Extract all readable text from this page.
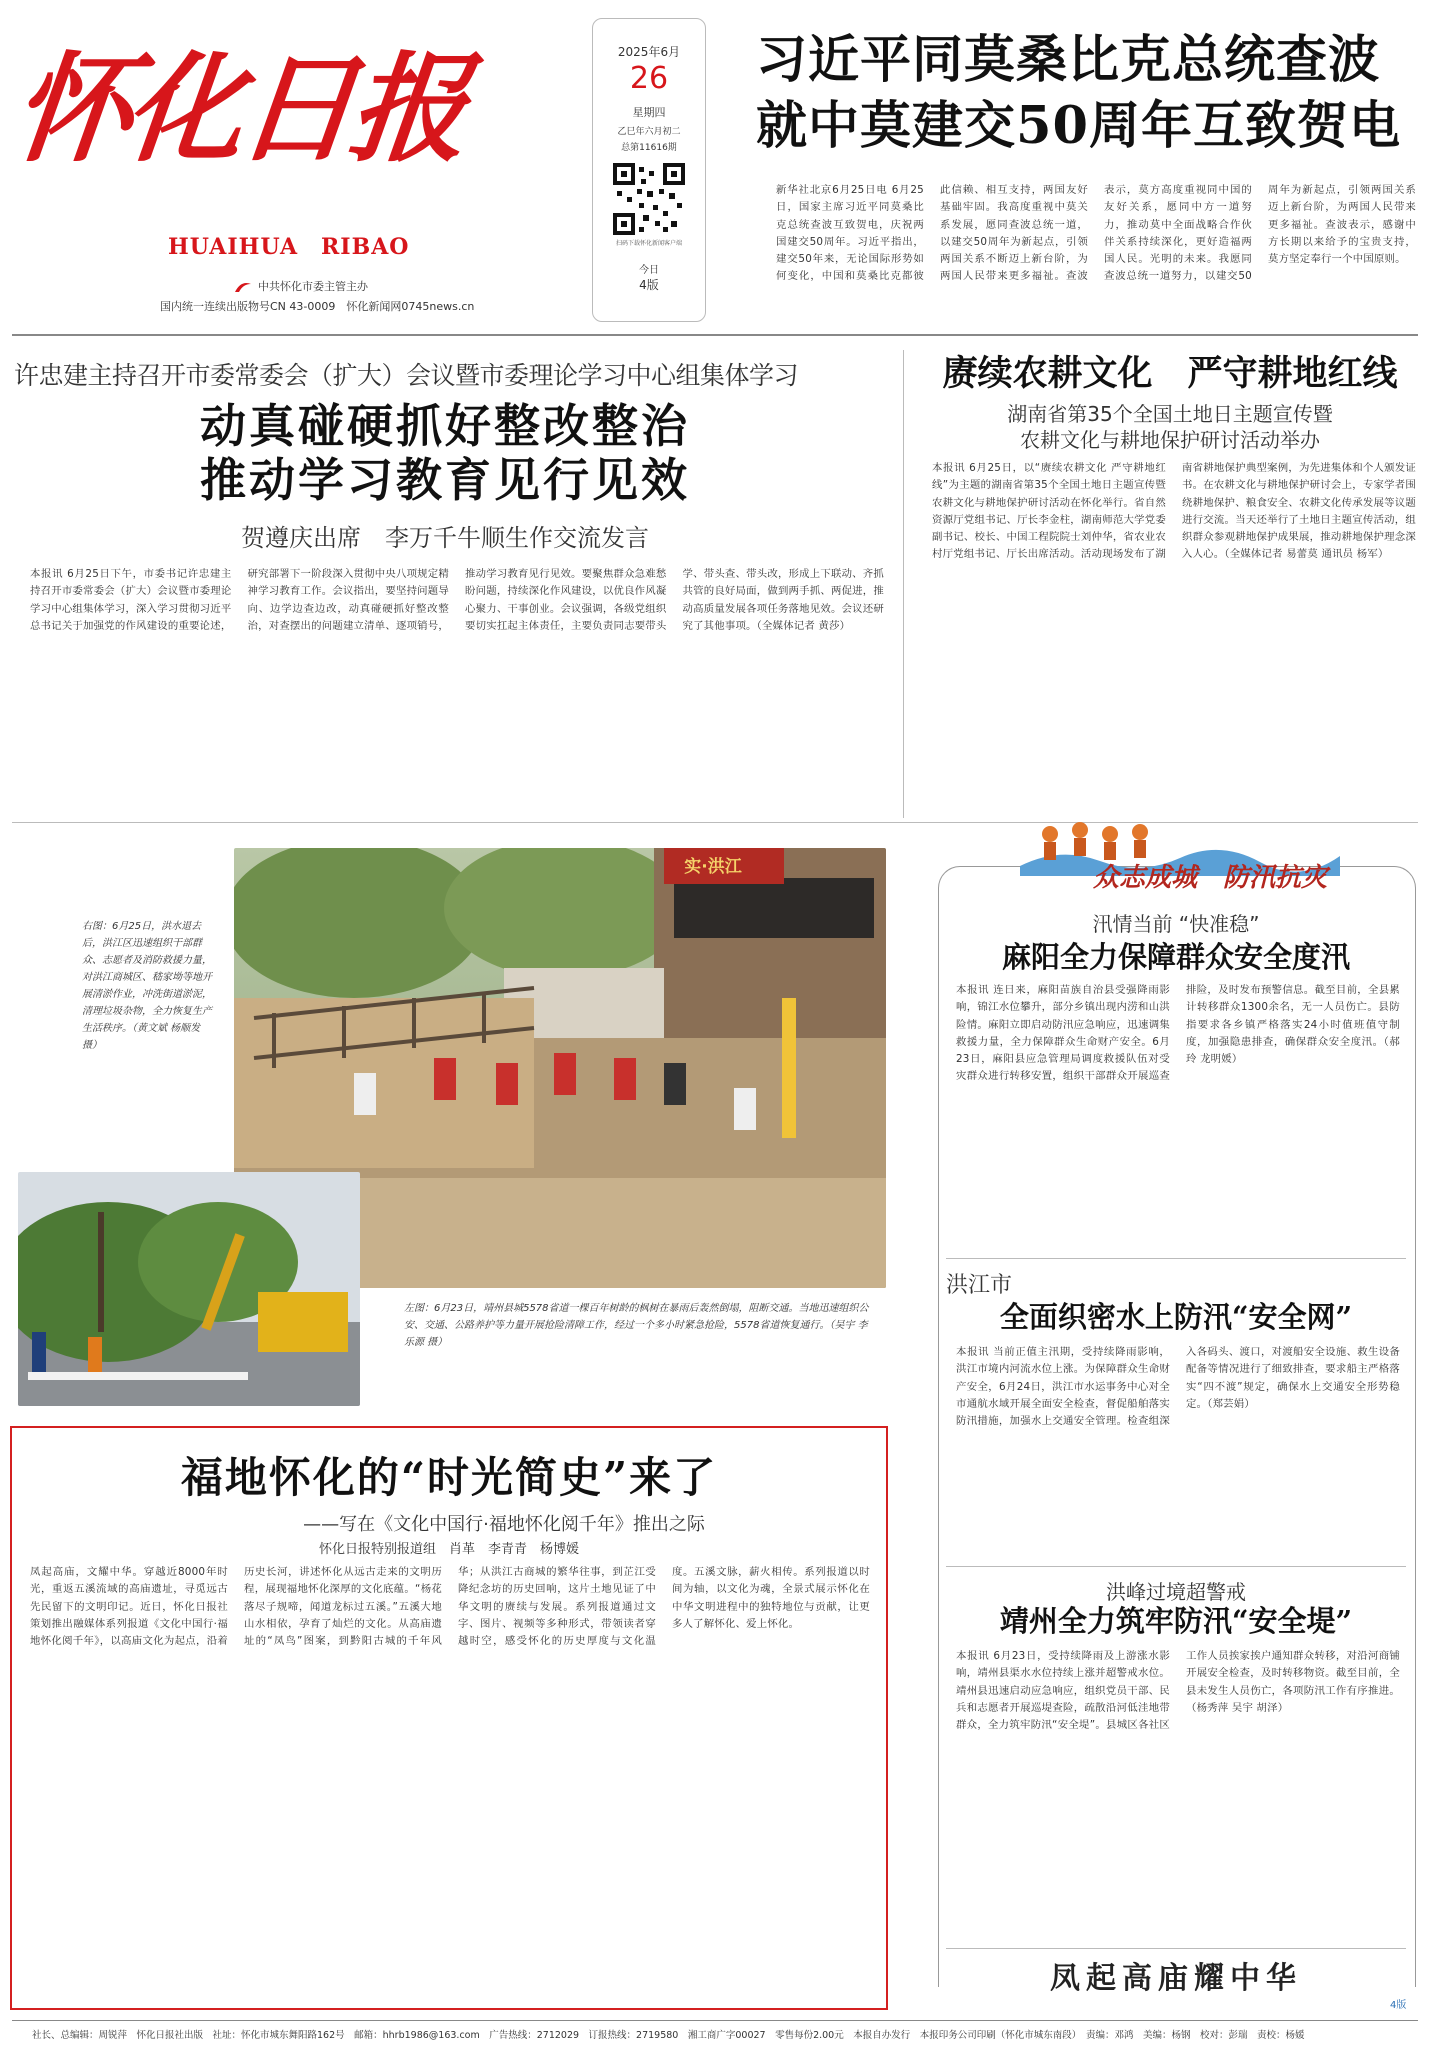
怀化日报
HUAIHUA　RIBAO
中共怀化市委主管主办
国内统一连续出版物号CN 43-0009　怀化新闻网0745news.cn
2025年6月
26
星期四
乙巳年六月初二
总第11616期
扫码下载怀化新闻客户端
今日
4版
习近平同莫桑比克总统查波
就中莫建交50周年互致贺电
新华社北京6月25日电 6月25日，国家主席习近平同莫桑比克总统查波互致贺电，庆祝两国建交50周年。习近平指出，建交50年来，无论国际形势如何变化，中国和莫桑比克都彼此信赖、相互支持，两国友好基础牢固。我高度重视中莫关系发展，愿同查波总统一道，以建交50周年为新起点，引领两国关系不断迈上新台阶，为两国人民带来更多福祉。查波表示，莫方高度重视同中国的友好关系，愿同中方一道努力，推动莫中全面战略合作伙伴关系持续深化，更好造福两国人民。光明的未来。我愿同查波总统一道努力，以建交50周年为新起点，引领两国关系迈上新台阶，为两国人民带来更多福祉。查波表示，感谢中方长期以来给予的宝贵支持，莫方坚定奉行一个中国原则。
许忠建主持召开市委常委会（扩大）会议暨市委理论学习中心组集体学习
动真碰硬抓好整改整治
推动学习教育见行见效
贺遵庆出席　李万千牛顺生作交流发言
本报讯 6月25日下午，市委书记许忠建主持召开市委常委会（扩大）会议暨市委理论学习中心组集体学习，深入学习贯彻习近平总书记关于加强党的作风建设的重要论述，研究部署下一阶段深入贯彻中央八项规定精神学习教育工作。会议指出，要坚持问题导向、边学边查边改，动真碰硬抓好整改整治，对查摆出的问题建立清单、逐项销号，推动学习教育见行见效。要聚焦群众急难愁盼问题，持续深化作风建设，以优良作风凝心聚力、干事创业。会议强调，各级党组织要切实扛起主体责任，主要负责同志要带头学、带头查、带头改，形成上下联动、齐抓共管的良好局面，做到两手抓、两促进，推动高质量发展各项任务落地见效。会议还研究了其他事项。（全媒体记者 黄莎）
赓续农耕文化　严守耕地红线
湖南省第35个全国土地日主题宣传暨
农耕文化与耕地保护研讨活动举办
本报讯 6月25日，以“赓续农耕文化 严守耕地红线”为主题的湖南省第35个全国土地日主题宣传暨农耕文化与耕地保护研讨活动在怀化举行。省自然资源厅党组书记、厅长李金柱，湖南师范大学党委副书记、校长、中国工程院院士刘仲华，省农业农村厅党组书记、厅长出席活动。活动现场发布了湖南省耕地保护典型案例，为先进集体和个人颁发证书。在农耕文化与耕地保护研讨会上，专家学者围绕耕地保护、粮食安全、农耕文化传承发展等议题进行交流。当天还举行了土地日主题宣传活动，组织群众参观耕地保护成果展，推动耕地保护理念深入人心。（全媒体记者 易蕾莫 通讯员 杨军）
实·洪江
右图：6月25日，洪水退去后，洪江区迅速组织干部群众、志愿者及消防救援力量，对洪江商城区、嵇家坳等地开展清淤作业，冲洗街道淤泥，清理垃圾杂物，全力恢复生产生活秩序。（黄文斌 杨顺发 摄）
左图：6月23日，靖州县城5578省道一棵百年树龄的枫树在暴雨后轰然倒塌，阻断交通。当地迅速组织公安、交通、公路养护等力量开展抢险清障工作，经过一个多小时紧急抢险，5578省道恢复通行。（吴宇 李乐源 摄）
众志成城　防汛抗灾
汛情当前 “快准稳”
麻阳全力保障群众安全度汛
本报讯 连日来，麻阳苗族自治县受强降雨影响，锦江水位攀升，部分乡镇出现内涝和山洪险情。麻阳立即启动防汛应急响应，迅速调集救援力量，全力保障群众生命财产安全。6月23日，麻阳县应急管理局调度救援队伍对受灾群众进行转移安置，组织干部群众开展巡查排险，及时发布预警信息。截至目前，全县累计转移群众1300余名，无一人员伤亡。县防指要求各乡镇严格落实24小时值班值守制度，加强隐患排查，确保群众安全度汛。（郝玲 龙明媛）
洪江市
全面织密水上防汛“安全网”
本报讯 当前正值主汛期，受持续降雨影响，洪江市境内河流水位上涨。为保障群众生命财产安全，6月24日，洪江市水运事务中心对全市通航水域开展全面安全检查，督促船舶落实防汛措施，加强水上交通安全管理。检查组深入各码头、渡口，对渡船安全设施、救生设备配备等情况进行了细致排查，要求船主严格落实“四不渡”规定，确保水上交通安全形势稳定。（郑芸娟）
洪峰过境超警戒
靖州全力筑牢防汛“安全堤”
本报讯 6月23日，受持续降雨及上游涨水影响，靖州县渠水水位持续上涨并超警戒水位。靖州县迅速启动应急响应，组织党员干部、民兵和志愿者开展巡堤查险，疏散沿河低洼地带群众，全力筑牢防汛“安全堤”。县城区各社区工作人员挨家挨户通知群众转移，对沿河商铺开展安全检查，及时转移物资。截至目前，全县未发生人员伤亡，各项防汛工作有序推进。（杨秀萍 吴宇 胡泽）
福地怀化的“时光简史”来了
——写在《文化中国行·福地怀化阅千年》推出之际
怀化日报特别报道组　肖革　李青青　杨博媛
凤起高庙，文耀中华。穿越近8000年时光，重返五溪流域的高庙遗址，寻觅远古先民留下的文明印记。近日，怀化日报社策划推出融媒体系列报道《文化中国行·福地怀化阅千年》，以高庙文化为起点，沿着历史长河，讲述怀化从远古走来的文明历程，展现福地怀化深厚的文化底蕴。“杨花落尽子规啼，闻道龙标过五溪。”五溪大地山水相依，孕育了灿烂的文化。从高庙遗址的“凤鸟”图案，到黔阳古城的千年风华；从洪江古商城的繁华往事，到芷江受降纪念坊的历史回响，这片土地见证了中华文明的赓续与发展。系列报道通过文字、图片、视频等多种形式，带领读者穿越时空，感受怀化的历史厚度与文化温度。五溪文脉，薪火相传。系列报道以时间为轴，以文化为魂，全景式展示怀化在中华文明进程中的独特地位与贡献，让更多人了解怀化、爱上怀化。
凤起高庙耀中华
4版
社长、总编辑：周锐萍　怀化日报社出版　社址：怀化市城东舞阳路162号　邮箱：hhrb1986@163.com　广告热线：2712029　订报热线：2719580　湘工商广字00027　零售每份2.00元　本报自办发行　本报印务公司印刷（怀化市城东南段）　责编：邓鸿　美编：杨钢　校对：彭瑞　责校：杨媛
